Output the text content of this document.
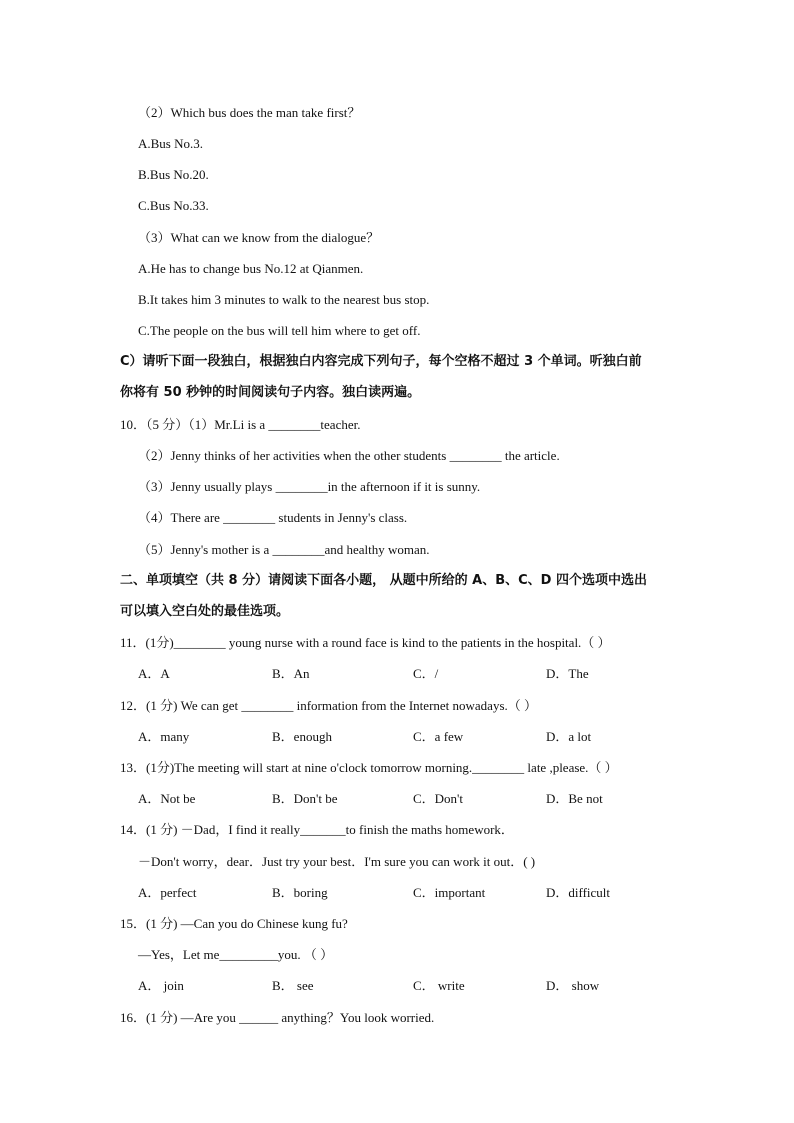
（2）Which bus does the man take first？
A.Bus No.3.
B.Bus No.20.
C.Bus No.33.
（3）What can we know from the dialogue？
A.He has to change bus No.12 at Qianmen.
B.It takes him 3 minutes to walk to the nearest bus stop.
C.The people on the bus will tell him where to get off.
C）请听下面一段独白，根据独白内容完成下列句子，每个空格不超过 3 个单词。听独白前
你将有 50 秒钟的时间阅读句子内容。独白读两遍。
10．（5 分）（1）Mr.Li is a ________teacher.
（2）Jenny thinks of her activities when the other students ________ the article.
（3）Jenny usually plays ________in the afternoon if it is sunny.
（4）There are ________ students in Jenny's class.
（5）Jenny's mother is a ________and healthy woman.
二、单项填空（共 8 分）请阅读下面各小题， 从题中所给的 A、B、C、D 四个选项中选出
可以填入空白处的最佳选项。
11．(1分)________ young nurse with a round face is kind to the patients in the hospital.（ ）
A．A	B．An	C．/	D．The
12．(1 分) We can get ________ information from the Internet nowadays.（ ）
A．many	B．enough	C．a few	D．a lot
13．(1分)The meeting will start at nine o'clock tomorrow morning.________ late ,please.（ ）
A．Not be	B．Don't be	C．Don't	D．Be not
14．(1 分) －Dad，I find it really_______to finish the maths homework．
－Don't worry，dear．Just try your best．I'm sure you can work it out．( )
A．perfect	B．boring	C．important	D．difficult
15．(1 分) —Can you do Chinese kung fu?
—Yes，Let me_________you. （ ）
A． join	B． see	C． write	D． show
16．(1 分) —Are you ______ anything？You look worried.
